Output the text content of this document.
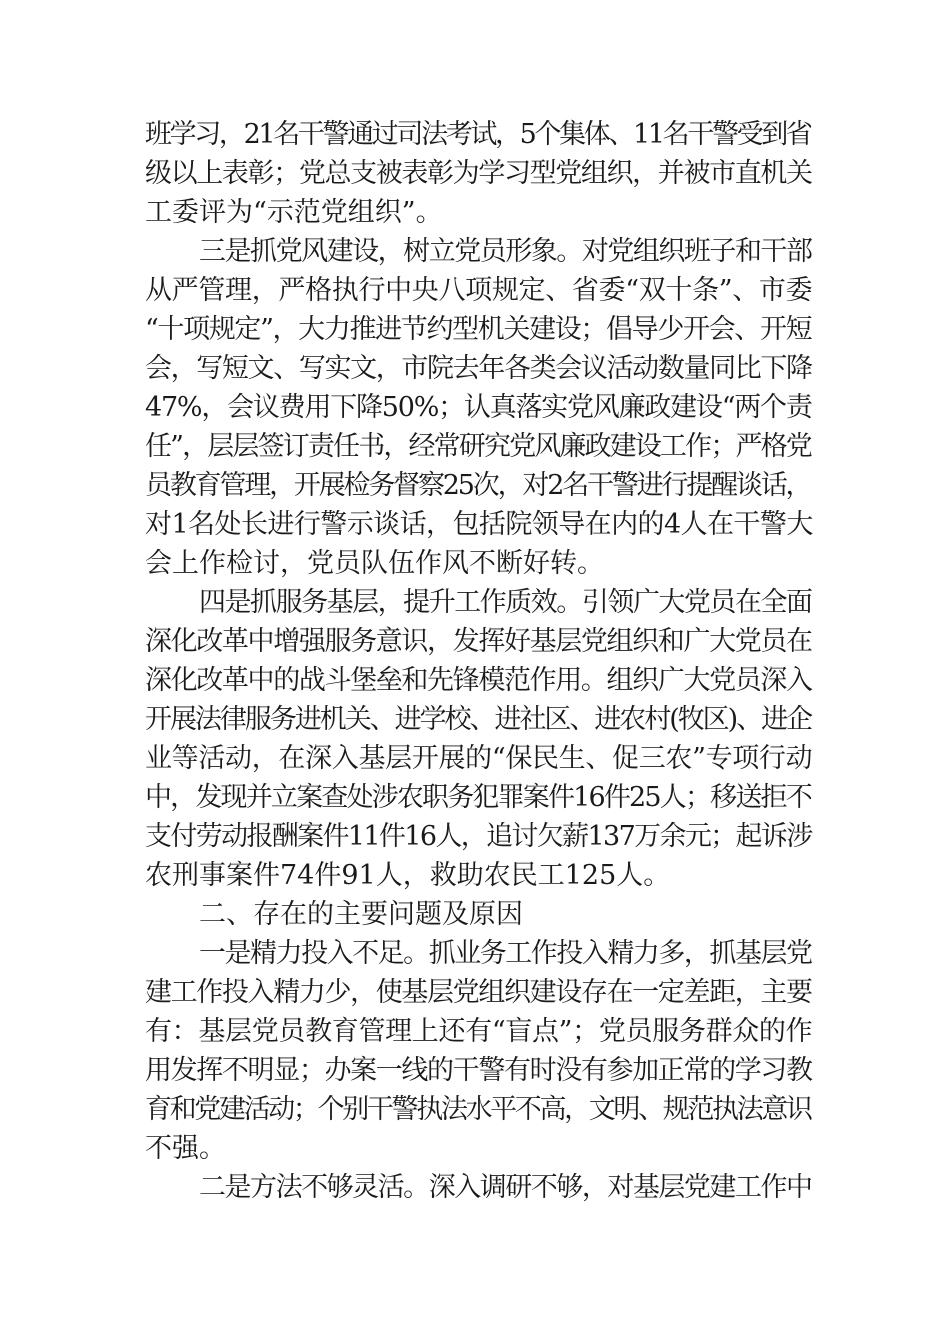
班学习，21名干警通过司法考试，5个集体、11名干警受到省
级以上表彰；党总支被表彰为学习型党组织，并被市直机关
工委评为“示范党组织”。
三是抓党风建设，树立党员形象。对党组织班子和干部
从严管理，严格执行中央八项规定、省委“双十条”、市委
“十项规定”，大力推进节约型机关建设；倡导少开会、开短
会，写短文、写实文，市院去年各类会议活动数量同比下降
47%，会议费用下降50%；认真落实党风廉政建设“两个责
任”，层层签订责任书，经常研究党风廉政建设工作；严格党
员教育管理，开展检务督察25次，对2名干警进行提醒谈话，
对1名处长进行警示谈话，包括院领导在内的4人在干警大
会上作检讨，党员队伍作风不断好转。
四是抓服务基层，提升工作质效。引领广大党员在全面
深化改革中增强服务意识，发挥好基层党组织和广大党员在
深化改革中的战斗堡垒和先锋模范作用。组织广大党员深入
开展法律服务进机关、进学校、进社区、进农村(牧区)、进企
业等活动，在深入基层开展的“保民生、促三农”专项行动
中，发现并立案查处涉农职务犯罪案件16件25人；移送拒不
支付劳动报酬案件11件16人，追讨欠薪137万余元；起诉涉
农刑事案件74件91人，救助农民工125人。
二、存在的主要问题及原因
一是精力投入不足。抓业务工作投入精力多，抓基层党
建工作投入精力少，使基层党组织建设存在一定差距，主要
有：基层党员教育管理上还有“盲点”；党员服务群众的作
用发挥不明显；办案一线的干警有时没有参加正常的学习教
育和党建活动；个别干警执法水平不高，文明、规范执法意识
不强。
二是方法不够灵活。深入调研不够，对基层党建工作中
